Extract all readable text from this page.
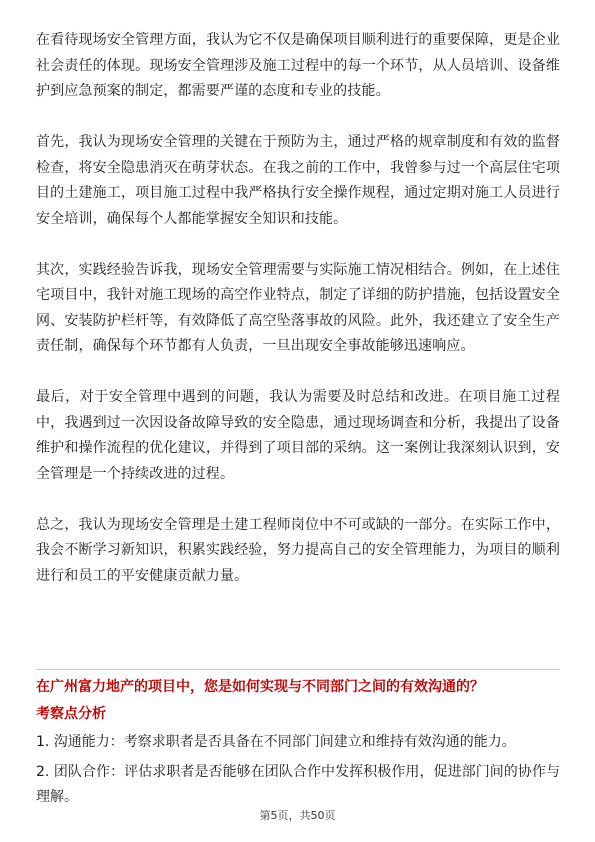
在看待现场安全管理方面，我认为它不仅是确保项目顺利进行的重要保障，更是企业社会责任的体现。现场安全管理涉及施工过程中的每一个环节，从人员培训、设备维护到应急预案的制定，都需要严谨的态度和专业的技能。

首先，我认为现场安全管理的关键在于预防为主，通过严格的规章制度和有效的监督检查，将安全隐患消灭在萌芽状态。在我之前的工作中，我曾参与过一个高层住宅项目的土建施工，项目施工过程中我严格执行安全操作规程，通过定期对施工人员进行安全培训，确保每个人都能掌握安全知识和技能。

其次，实践经验告诉我，现场安全管理需要与实际施工情况相结合。例如，在上述住宅项目中，我针对施工现场的高空作业特点，制定了详细的防护措施，包括设置安全网、安装防护栏杆等，有效降低了高空坠落事故的风险。此外，我还建立了安全生产责任制，确保每个环节都有人负责，一旦出现安全事故能够迅速响应。

最后，对于安全管理中遇到的问题，我认为需要及时总结和改进。在项目施工过程中，我遇到过一次因设备故障导致的安全隐患，通过现场调查和分析，我提出了设备维护和操作流程的优化建议，并得到了项目部的采纳。这一案例让我深刻认识到，安全管理是一个持续改进的过程。

总之，我认为现场安全管理是土建工程师岗位中不可或缺的一部分。在实际工作中，我会不断学习新知识，积累实践经验，努力提高自己的安全管理能力，为项目的顺利进行和员工的平安健康贡献力量。

在广州富力地产的项目中，您是如何实现与不同部门之间的有效沟通的？

考察点分析

1. 沟通能力：考察求职者是否具备在不同部门间建立和维持有效沟通的能力。
2. 团队合作：评估求职者是否能够在团队合作中发挥积极作用，促进部门间的协作与理解。
第5页，共50页
